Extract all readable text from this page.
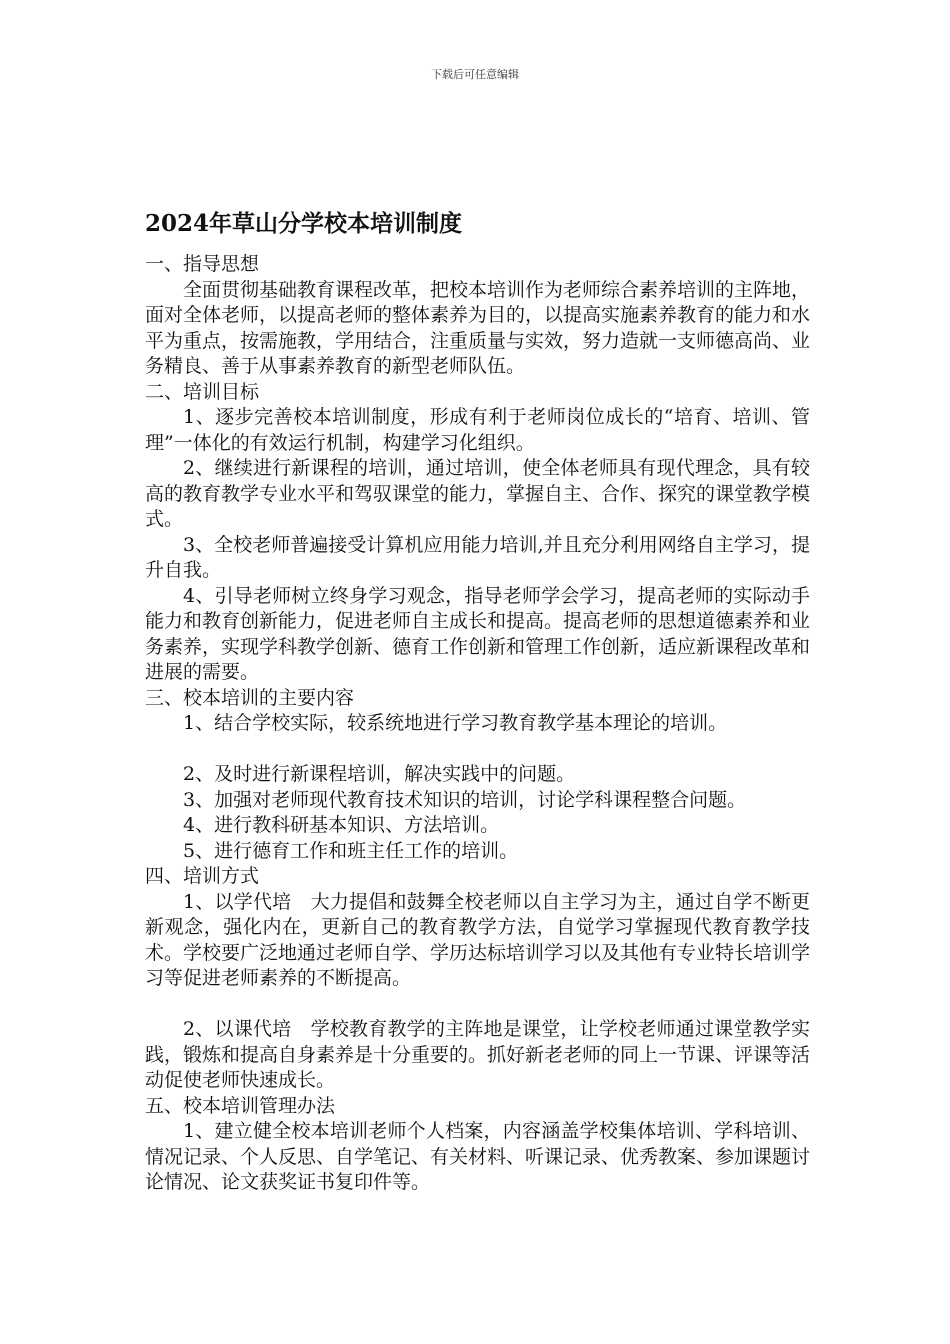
下载后可任意编辑
2024年草山分学校本培训制度

一、指导思想

全面贯彻基础教育课程改革，把校本培训作为老师综合素养培训的主阵地，面对全体老师，以提高老师的整体素养为目的，以提高实施素养教育的能力和水平为重点，按需施教，学用结合，注重质量与实效，努力造就一支师德高尚、业务精良、善于从事素养教育的新型老师队伍。

二、培训目标

1、逐步完善校本培训制度，形成有利于老师岗位成长的“培育、培训、管理”一体化的有效运行机制，构建学习化组织。

2、继续进行新课程的培训，通过培训，使全体老师具有现代理念，具有较高的教育教学专业水平和驾驭课堂的能力，掌握自主、合作、探究的课堂教学模式。

3、全校老师普遍接受计算机应用能力培训,并且充分利用网络自主学习，提升自我。

4、引导老师树立终身学习观念，指导老师学会学习，提高老师的实际动手能力和教育创新能力，促进老师自主成长和提高。提高老师的思想道德素养和业务素养，实现学科教学创新、德育工作创新和管理工作创新，适应新课程改革和进展的需要。

三、校本培训的主要内容

1、结合学校实际，较系统地进行学习教育教学基本理论的培训。

2、及时进行新课程培训，解决实践中的问题。

3、加强对老师现代教育技术知识的培训，讨论学科课程整合问题。

4、进行教科研基本知识、方法培训。

5、进行德育工作和班主任工作的培训。

四、培训方式

1、以学代培　大力提倡和鼓舞全校老师以自主学习为主，通过自学不断更新观念，强化内在，更新自己的教育教学方法，自觉学习掌握现代教育教学技术。学校要广泛地通过老师自学、学历达标培训学习以及其他有专业特长培训学习等促进老师素养的不断提高。

2、以课代培　学校教育教学的主阵地是课堂，让学校老师通过课堂教学实践，锻炼和提高自身素养是十分重要的。抓好新老老师的同上一节课、评课等活动促使老师快速成长。

五、校本培训管理办法

1、建立健全校本培训老师个人档案，内容涵盖学校集体培训、学科培训、情况记录、个人反思、自学笔记、有关材料、听课记录、优秀教案、参加课题讨论情况、论文获奖证书复印件等。
